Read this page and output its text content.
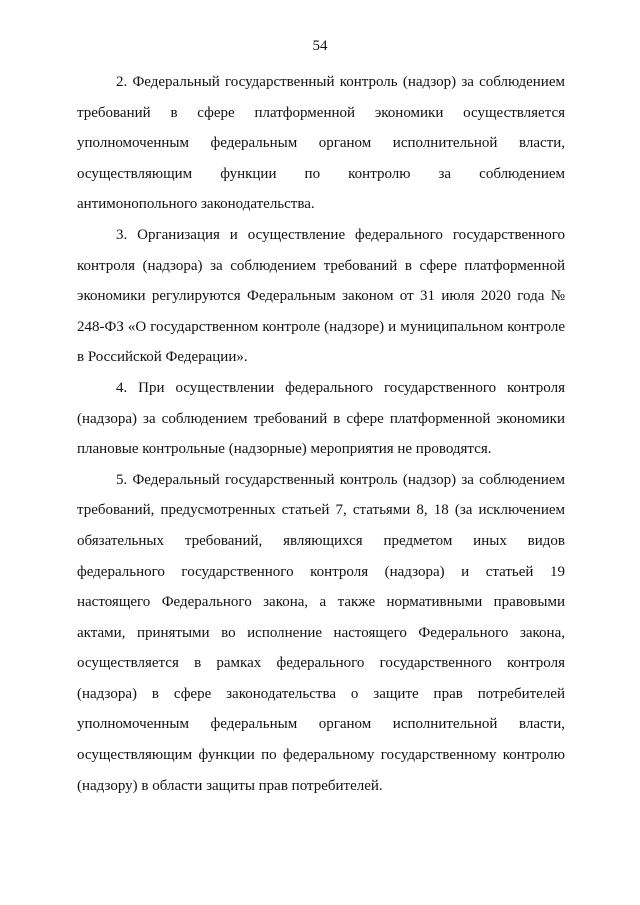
54

2. Федеральный государственный контроль (надзор) за соблюдением требований в сфере платформенной экономики осуществляется уполномоченным федеральным органом исполнительной власти, осуществляющим функции по контролю за соблюдением антимонопольного законодательства.

3. Организация и осуществление федерального государственного контроля (надзора) за соблюдением требований в сфере платформенной экономики регулируются Федеральным законом от 31 июля 2020 года № 248-ФЗ «О государственном контроле (надзоре) и муниципальном контроле в Российской Федерации».

4. При осуществлении федерального государственного контроля (надзора) за соблюдением требований в сфере платформенной экономики плановые контрольные (надзорные) мероприятия не проводятся.

5. Федеральный государственный контроль (надзор) за соблюдением требований, предусмотренных статьей 7, статьями 8, 18 (за исключением обязательных требований, являющихся предметом иных видов федерального государственного контроля (надзора) и статьей 19 настоящего Федерального закона, а также нормативными правовыми актами, принятыми во исполнение настоящего Федерального закона, осуществляется в рамках федерального государственного контроля (надзора) в сфере законодательства о защите прав потребителей уполномоченным федеральным органом исполнительной власти, осуществляющим функции по федеральному государственному контролю (надзору) в области защиты прав потребителей.
